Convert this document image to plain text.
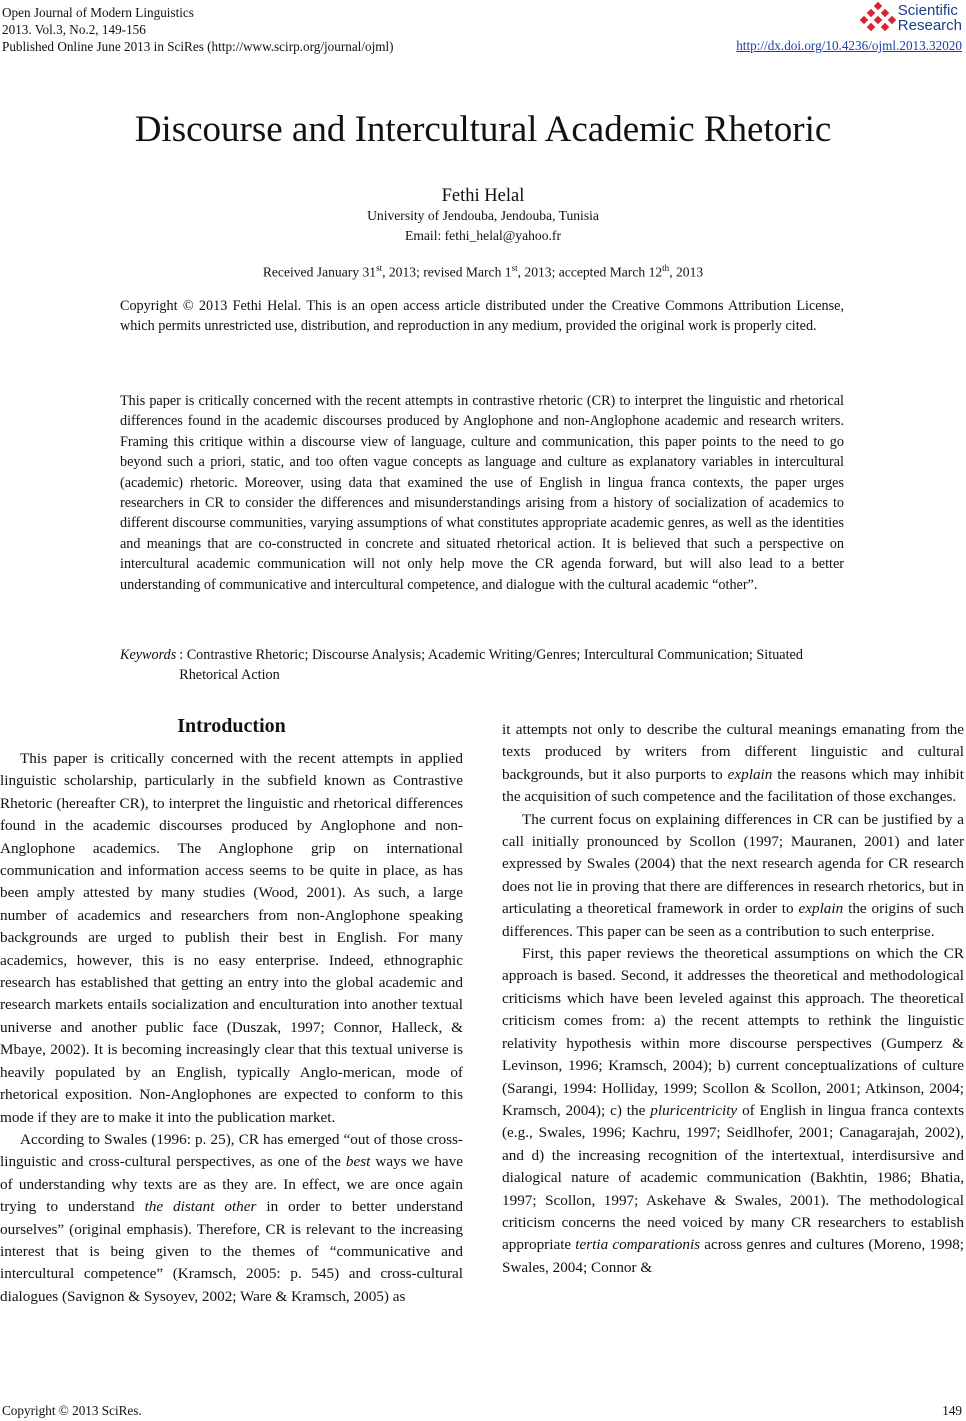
Open Journal of Modern Linguistics
2013. Vol.3, No.2, 149-156
Published Online June 2013 in SciRes (http://www.scirp.org/journal/ojml)
Scientific
Research
http://dx.doi.org/10.4236/ojml.2013.32020
Discourse and Intercultural Academic Rhetoric
Fethi Helal
University of Jendouba, Jendouba, Tunisia
Email: fethi_helal@yahoo.fr
Received January 31st, 2013; revised March 1st, 2013; accepted March 12th, 2013
Copyright © 2013 Fethi Helal. This is an open access article distributed under the Creative Commons Attribution License, which permits unrestricted use, distribution, and reproduction in any medium, provided the original work is properly cited.
This paper is critically concerned with the recent attempts in contrastive rhetoric (CR) to interpret the linguistic and rhetorical differences found in the academic discourses produced by Anglophone and non-Anglophone academic and research writers. Framing this critique within a discourse view of language, culture and communication, this paper points to the need to go beyond such a priori, static, and too often vague concepts as language and culture as explanatory variables in intercultural (academic) rhetoric. Moreover, using data that examined the use of English in lingua franca contexts, the paper urges researchers in CR to consider the differences and misunderstandings arising from a history of socialization of academics to different discourse communities, varying assumptions of what constitutes appropriate academic genres, as well as the identities and meanings that are co-constructed in concrete and situated rhetorical action. It is believed that such a perspective on intercultural academic communication will not only help move the CR agenda forward, but will also lead to a better understanding of communicative and intercultural competence, and dialogue with the cultural academic “other”.
Keywords : Contrastive Rhetoric; Discourse Analysis; Academic Writing/Genres; Intercultural Communication; Situated Rhetorical Action
Introduction

This paper is critically concerned with the recent attempts in applied linguistic scholarship, particularly in the subfield known as Contrastive Rhetoric (hereafter CR), to interpret the linguistic and rhetorical differences found in the academic discourses produced by Anglophone and non-Anglophone academics. The Anglophone grip on international communication and information access seems to be quite in place, as has been amply attested by many studies (Wood, 2001). As such, a large number of academics and researchers from non-Anglophone speaking backgrounds are urged to publish their best in English. For many academics, however, this is no easy enterprise. Indeed, ethnographic research has established that getting an entry into the global academic and research markets entails socialization and enculturation into another textual universe and another public face (Duszak, 1997; Connor, Halleck, & Mbaye, 2002). It is becoming increasingly clear that this textual universe is heavily populated by an English, typically Anglo-merican, mode of rhetorical exposition. Non-Anglophones are expected to conform to this mode if they are to make it into the publication market.

According to Swales (1996: p. 25), CR has emerged “out of those cross-linguistic and cross-cultural perspectives, as one of the best ways we have of understanding why texts are as they are. In effect, we are once again trying to understand the distant other in order to better understand ourselves” (original emphasis). Therefore, CR is relevant to the increasing interest that is being given to the themes of “communicative and intercultural competence” (Kramsch, 2005: p. 545) and cross-cultural dialogues (Savignon & Sysoyev, 2002; Ware & Kramsch, 2005) as

it attempts not only to describe the cultural meanings emanating from the texts produced by writers from different linguistic and cultural backgrounds, but it also purports to explain the reasons which may inhibit the acquisition of such competence and the facilitation of those exchanges.

The current focus on explaining differences in CR can be justified by a call initially pronounced by Scollon (1997; Mauranen, 2001) and later expressed by Swales (2004) that the next research agenda for CR research does not lie in proving that there are differences in research rhetorics, but in articulating a theoretical framework in order to explain the origins of such differences. This paper can be seen as a contribution to such enterprise.

First, this paper reviews the theoretical assumptions on which the CR approach is based. Second, it addresses the theoretical and methodological criticisms which have been leveled against this approach. The theoretical criticism comes from: a) the recent attempts to rethink the linguistic relativity hypothesis within more discourse perspectives (Gumperz & Levinson, 1996; Kramsch, 2004); b) current conceptualizations of culture (Sarangi, 1994: Holliday, 1999; Scollon & Scollon, 2001; Atkinson, 2004; Kramsch, 2004); c) the pluricentricity of English in lingua franca contexts (e.g., Swales, 1996; Kachru, 1997; Seidlhofer, 2001; Canagarajah, 2002), and d) the increasing recognition of the intertextual, interdisursive and dialogical nature of academic communication (Bakhtin, 1986; Bhatia, 1997; Scollon, 1997; Askehave & Swales, 2001). The methodological criticism concerns the need voiced by many CR researchers to establish appropriate tertia comparationis across genres and cultures (Moreno, 1998; Swales, 2004; Connor &

Copyright © 2013 SciRes.	149
